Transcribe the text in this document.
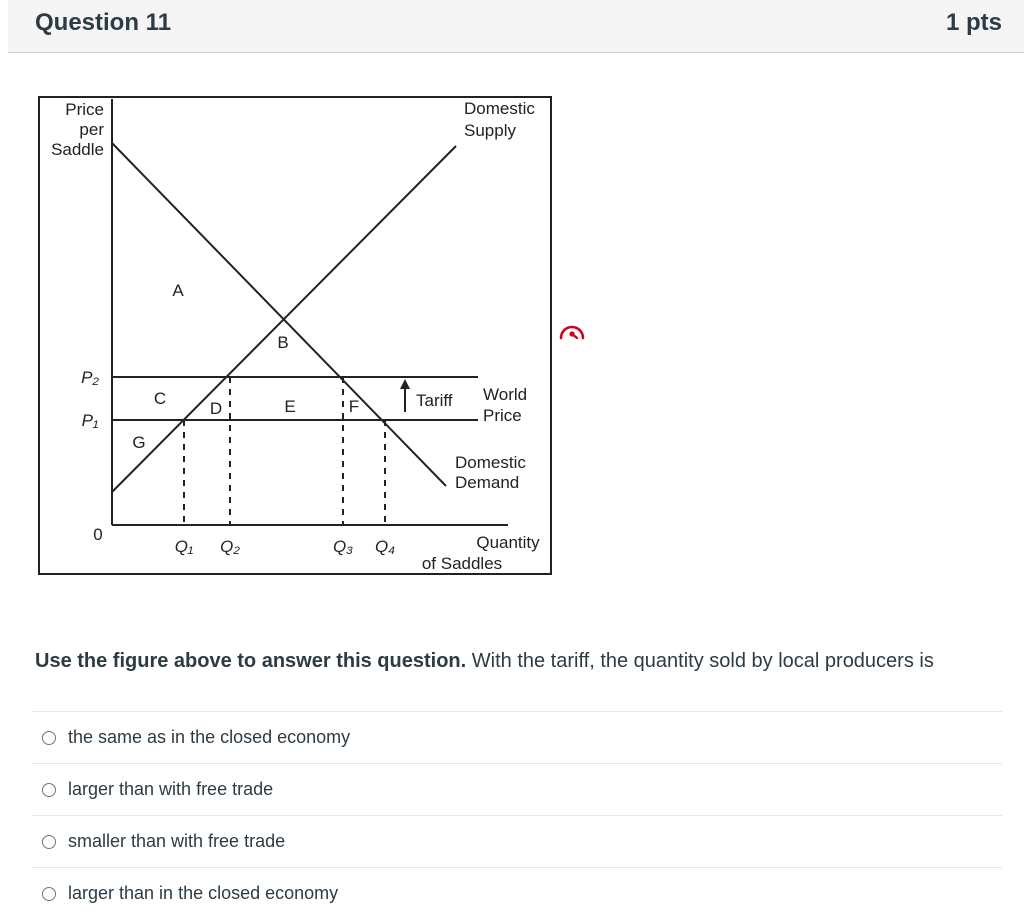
Question 11	1 pts
Price
per
Saddle
Domestic
Supply
World
Price
Tariff
Domestic
Demand
Quantity
of Saddles
0
P₂
P₁
Q₁ Q₂	Q₃ Q₄
A
B
C
D	E	F
G
Use the figure above to answer this question. With the tariff, the quantity sold by local producers is
the same as in the closed economy
larger than with free trade
smaller than with free trade
larger than in the closed economy
